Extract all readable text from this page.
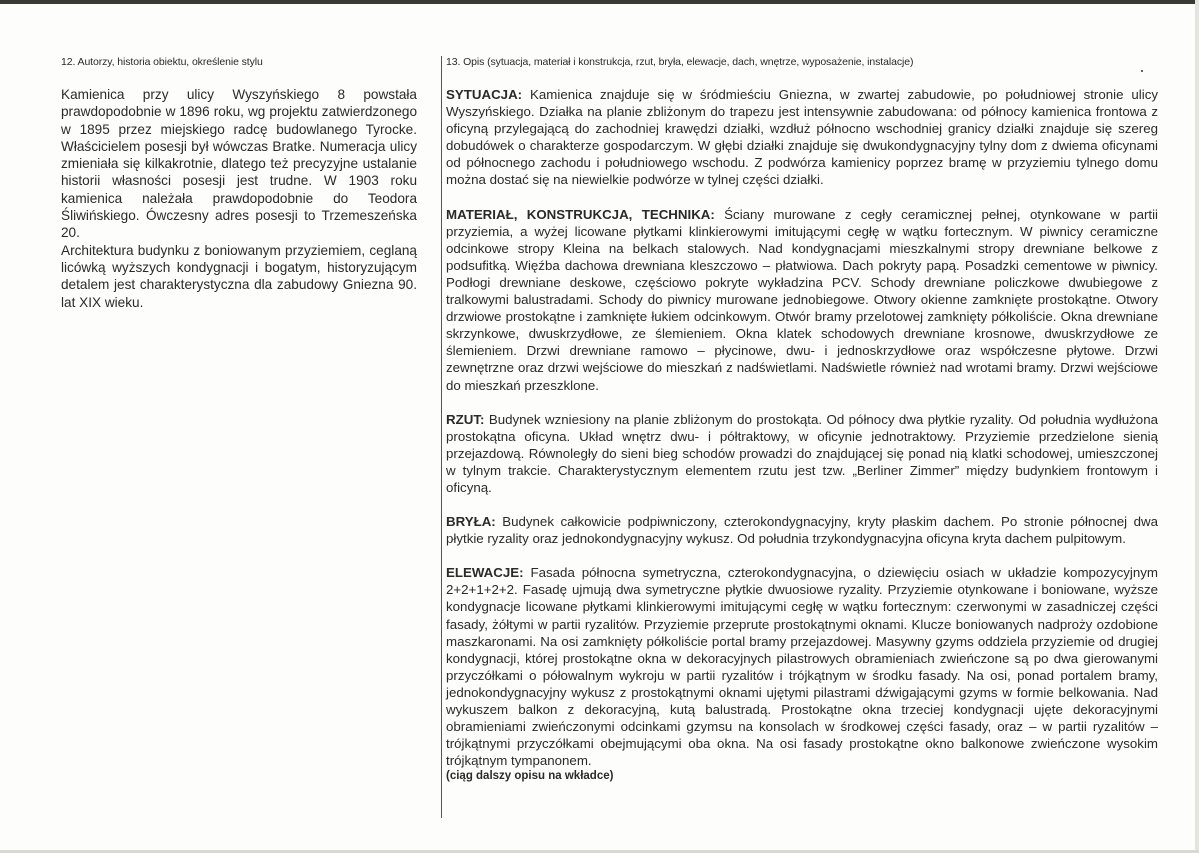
12. Autorzy, historia obiektu, określenie stylu

Kamienica przy ulicy Wyszyńskiego 8 powstała prawdopodobnie w 1896 roku, wg projektu zatwierdzonego w 1895 przez miejskiego radcę budowlanego Tyrocke. Właścicielem posesji był wówczas Bratke. Numeracja ulicy zmieniała się kilkakrotnie, dlatego też precyzyjne ustalanie historii własności posesji jest trudne. W 1903 roku kamienica należała prawdopodobnie do Teodora Śliwińskiego. Ówczesny adres posesji to Trzemeszeńska 20.

Architektura budynku z boniowanym przyziemiem, ceglaną licówką wyższych kondygnacji i bogatym, historyzującym detalem jest charakterystyczna dla zabudowy Gniezna 90. lat XIX wieku.

13. Opis (sytuacja, materiał i konstrukcja, rzut, bryła, elewacje, dach, wnętrze, wyposażenie, instalacje)

SYTUACJA: Kamienica znajduje się w śródmieściu Gniezna, w zwartej zabudowie, po południowej stronie ulicy Wyszyńskiego. Działka na planie zbliżonym do trapezu jest intensywnie zabudowana: od północy kamienica frontowa z oficyną przylegającą do zachodniej krawędzi działki, wzdłuż północno wschodniej granicy działki znajduje się szereg dobudówek o charakterze gospodarczym. W głębi działki znajduje się dwukondygnacyjny tylny dom z dwiema oficynami od północnego zachodu i południowego wschodu. Z podwórza kamienicy poprzez bramę w przyziemiu tylnego domu można dostać się na niewielkie podwórze w tylnej części działki.

MATERIAŁ, KONSTRUKCJA, TECHNIKA: Ściany murowane z cegły ceramicznej pełnej, otynkowane w partii przyziemia, a wyżej licowane płytkami klinkierowymi imitującymi cegłę w wątku fortecznym. W piwnicy ceramiczne odcinkowe stropy Kleina na belkach stalowych. Nad kondygnacjami mieszkalnymi stropy drewniane belkowe z podsufitką. Więźba dachowa drewniana kleszczowo – płatwiowa. Dach pokryty papą. Posadzki cementowe w piwnicy. Podłogi drewniane deskowe, częściowo pokryte wykładzina PCV. Schody drewniane policzkowe dwubiegowe z tralkowymi balustradami. Schody do piwnicy murowane jednobiegowe. Otwory okienne zamknięte prostokątne. Otwory drzwiowe prostokątne i zamknięte łukiem odcinkowym. Otwór bramy przelotowej zamknięty półkoliście. Okna drewniane skrzynkowe, dwuskrzydłowe, ze ślemieniem. Okna klatek schodowych drewniane krosnowe, dwuskrzydłowe ze ślemieniem. Drzwi drewniane ramowo – płycinowe, dwu- i jednoskrzydłowe oraz współczesne płytowe. Drzwi zewnętrzne oraz drzwi wejściowe do mieszkań z nadświetlami. Nadświetle również nad wrotami bramy. Drzwi wejściowe do mieszkań przeszklone.

RZUT: Budynek wzniesiony na planie zbliżonym do prostokąta. Od północy dwa płytkie ryzality. Od południa wydłużona prostokątna oficyna. Układ wnętrz dwu- i półtraktowy, w oficynie jednotraktowy. Przyziemie przedzielone sienią przejazdową. Równoległy do sieni bieg schodów prowadzi do znajdującej się ponad nią klatki schodowej, umieszczonej w tylnym trakcie. Charakterystycznym elementem rzutu jest tzw. „Berliner Zimmer” między budynkiem frontowym i oficyną.

BRYŁA: Budynek całkowicie podpiwniczony, czterokondygnacyjny, kryty płaskim dachem. Po stronie północnej dwa płytkie ryzality oraz jednokondygnacyjny wykusz. Od południa trzykondygnacyjna oficyna kryta dachem pulpitowym.

ELEWACJE: Fasada północna symetryczna, czterokondygnacyjna, o dziewięciu osiach w układzie kompozycyjnym 2+2+1+2+2. Fasadę ujmują dwa symetryczne płytkie dwuosiowe ryzality. Przyziemie otynkowane i boniowane, wyższe kondygnacje licowane płytkami klinkierowymi imitującymi cegłę w wątku fortecznym: czerwonymi w zasadniczej części fasady, żółtymi w partii ryzalitów. Przyziemie przeprute prostokątnymi oknami. Klucze boniowanych nadproży ozdobione maszkaronami. Na osi zamknięty półkoliście portal bramy przejazdowej. Masywny gzyms oddziela przyziemie od drugiej kondygnacji, której prostokątne okna w dekoracyjnych pilastrowych obramieniach zwieńczone są po dwa gierowanymi przyczółkami o półowalnym wykroju w partii ryzalitów i trójkątnym w środku fasady. Na osi, ponad portalem bramy, jednokondygnacyjny wykusz z prostokątnymi oknami ujętymi pilastrami dźwigającymi gzyms w formie belkowania. Nad wykuszem balkon z dekoracyjną, kutą balustradą. Prostokątne okna trzeciej kondygnacji ujęte dekoracyjnymi obramieniami zwieńczonymi odcinkami gzymsu na konsolach w środkowej części fasady, oraz – w partii ryzalitów – trójkątnymi przyczółkami obejmującymi oba okna. Na osi fasady prostokątne okno balkonowe zwieńczone wysokim trójkątnym tympanonem.

(ciąg dalszy opisu na wkładce)
